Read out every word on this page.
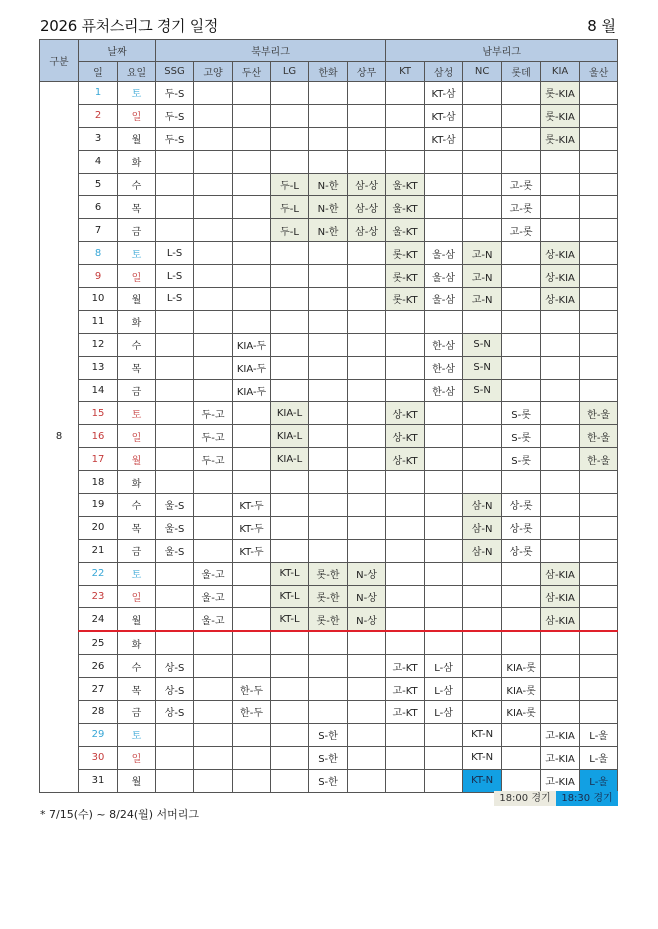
2026 퓨처스리그 경기 일정	8 월
구분	날짜		북부리그						남부리그					
	일	요일	SSG	고양	두산	LG	한화	상무	KT	삼성	NC	롯데	KIA	울산
8	1	토	두-S							KT-삼			롯-KIA	
	2	일	두-S							KT-삼			롯-KIA	
	3	월	두-S							KT-삼			롯-KIA	
	4	화												
	5	수				두-L	N-한	삼-상	울-KT			고-롯		
	6	목				두-L	N-한	삼-상	울-KT			고-롯		
	7	금				두-L	N-한	삼-상	울-KT			고-롯		
	8	토	L-S						롯-KT	울-삼	고-N		상-KIA	
	9	일	L-S						롯-KT	울-삼	고-N		상-KIA	
	10	월	L-S						롯-KT	울-삼	고-N		상-KIA	
	11	화												
	12	수			KIA-두					한-삼	S-N			
	13	목			KIA-두					한-삼	S-N			
	14	금			KIA-두					한-삼	S-N			
	15	토		두-고		KIA-L			상-KT			S-롯		한-울
	16	일		두-고		KIA-L			상-KT			S-롯		한-울
	17	월		두-고		KIA-L			상-KT			S-롯		한-울
	18	화												
	19	수	울-S		KT-두						삼-N	상-롯		
	20	목	울-S		KT-두						삼-N	상-롯		
	21	금	울-S		KT-두						삼-N	상-롯		
	22	토		울-고		KT-L	롯-한	N-상					삼-KIA	
	23	일		울-고		KT-L	롯-한	N-상					삼-KIA	
	24	월		울-고		KT-L	롯-한	N-상					삼-KIA	
	25	화												
	26	수	상-S						고-KT	L-삼		KIA-롯		
	27	목	상-S		한-두				고-KT	L-삼		KIA-롯		
	28	금	상-S		한-두				고-KT	L-삼		KIA-롯		
	29	토					S-한				KT-N		고-KIA	L-울
	30	일					S-한				KT-N		고-KIA	L-울
	31	월					S-한				KT-N		고-KIA	L-울
18:00 경기	18:30 경기
* 7/15(수) ~ 8/24(월) 서머리그
